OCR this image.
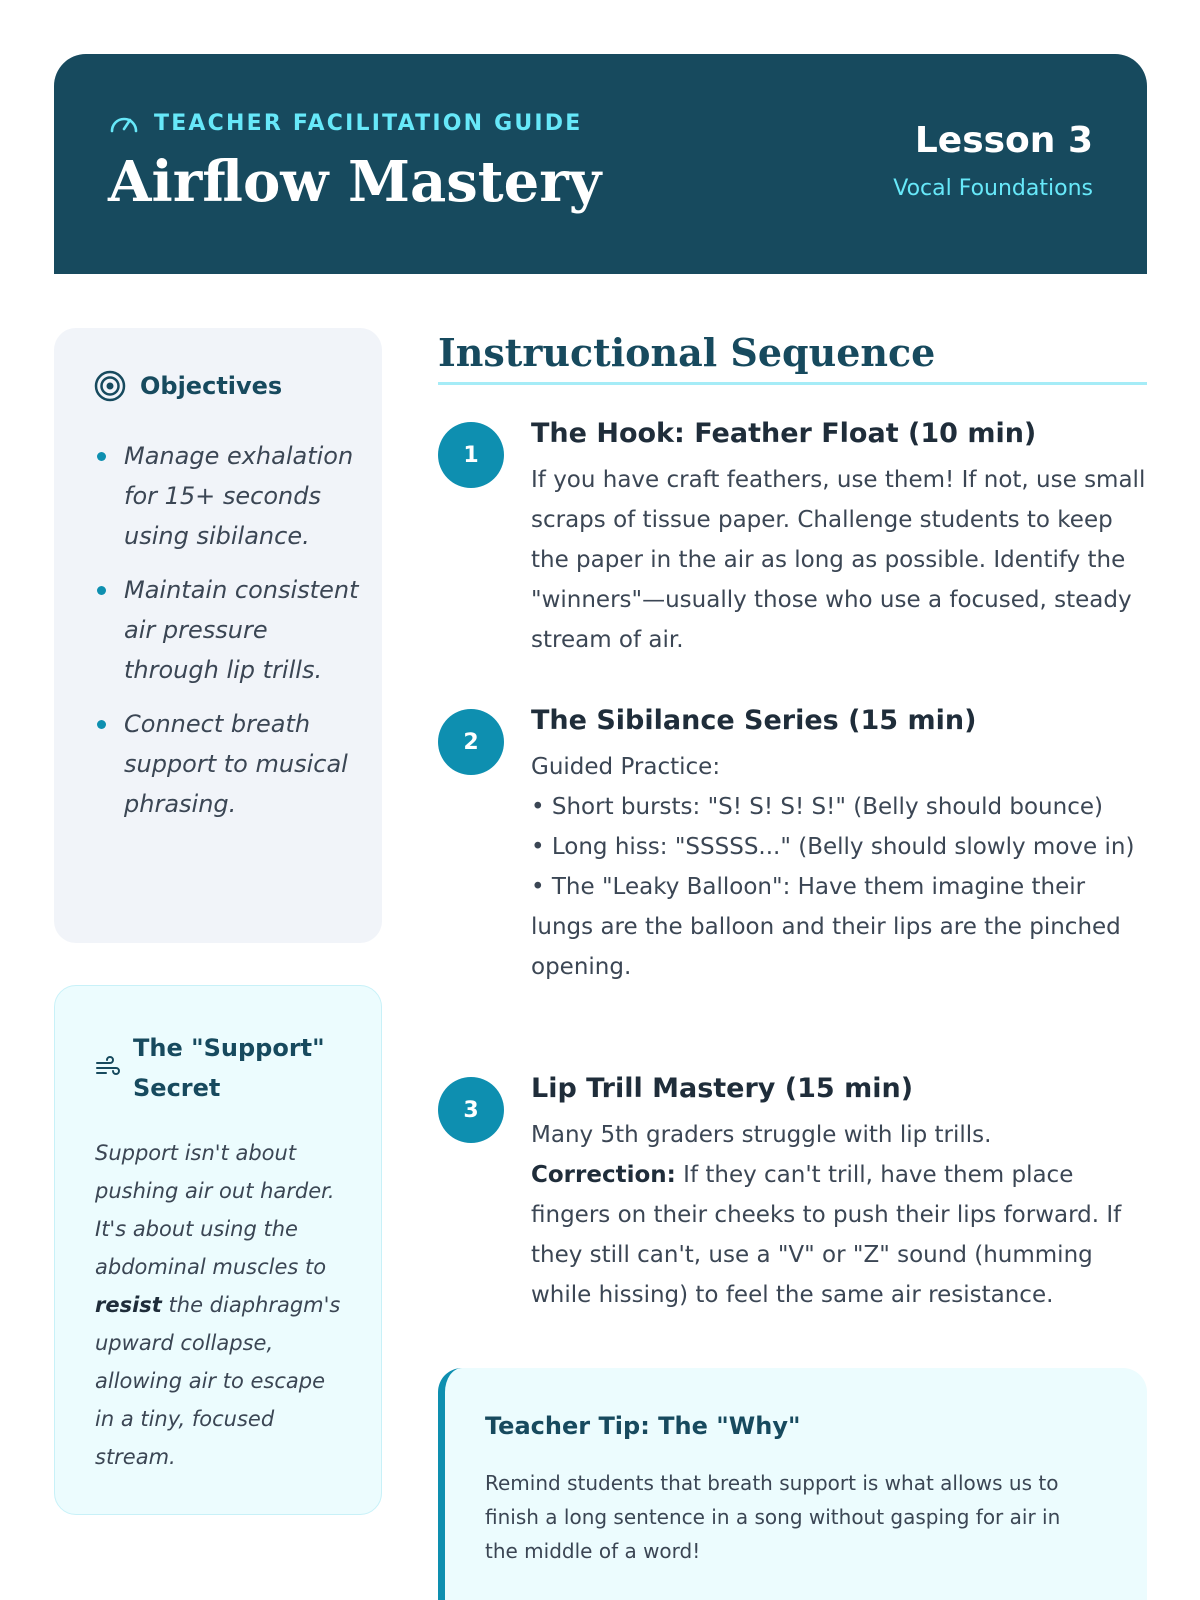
TEACHER FACILITATION GUIDE
Airflow Mastery
Lesson 3
Vocal Foundations
Objectives
Manage exhalation for 15+ seconds using sibilance.
Maintain consistent air pressure through lip trills.
Connect breath support to musical phrasing.
The "Support" Secret

Support isn't about pushing air out harder. It's about using the abdominal muscles to resist the diaphragm's upward collapse, allowing air to escape in a tiny, focused stream.

Instructional Sequence
1
The Hook: Feather Float (10 min)

If you have craft feathers, use them! If not, use small scraps of tissue paper. Challenge students to keep the paper in the air as long as possible. Identify the "winners"—usually those who use a focused, steady stream of air.

2
The Sibilance Series (15 min)
Guided Practice:
• Short bursts: "S! S! S! S!" (Belly should bounce)
• Long hiss: "SSSSS..." (Belly should slowly move in)
• The "Leaky Balloon": Have them imagine their lungs are the balloon and their lips are the pinched opening.
3
Lip Trill Mastery (15 min)
Many 5th graders struggle with lip trills.

Correction: If they can't trill, have them place fingers on their cheeks to push their lips forward. If they still can't, use a "V" or "Z" sound (humming while hissing) to feel the same air resistance.

Teacher Tip: The "Why"

Remind students that breath support is what allows us to finish a long sentence in a song without gasping for air in the middle of a word!
